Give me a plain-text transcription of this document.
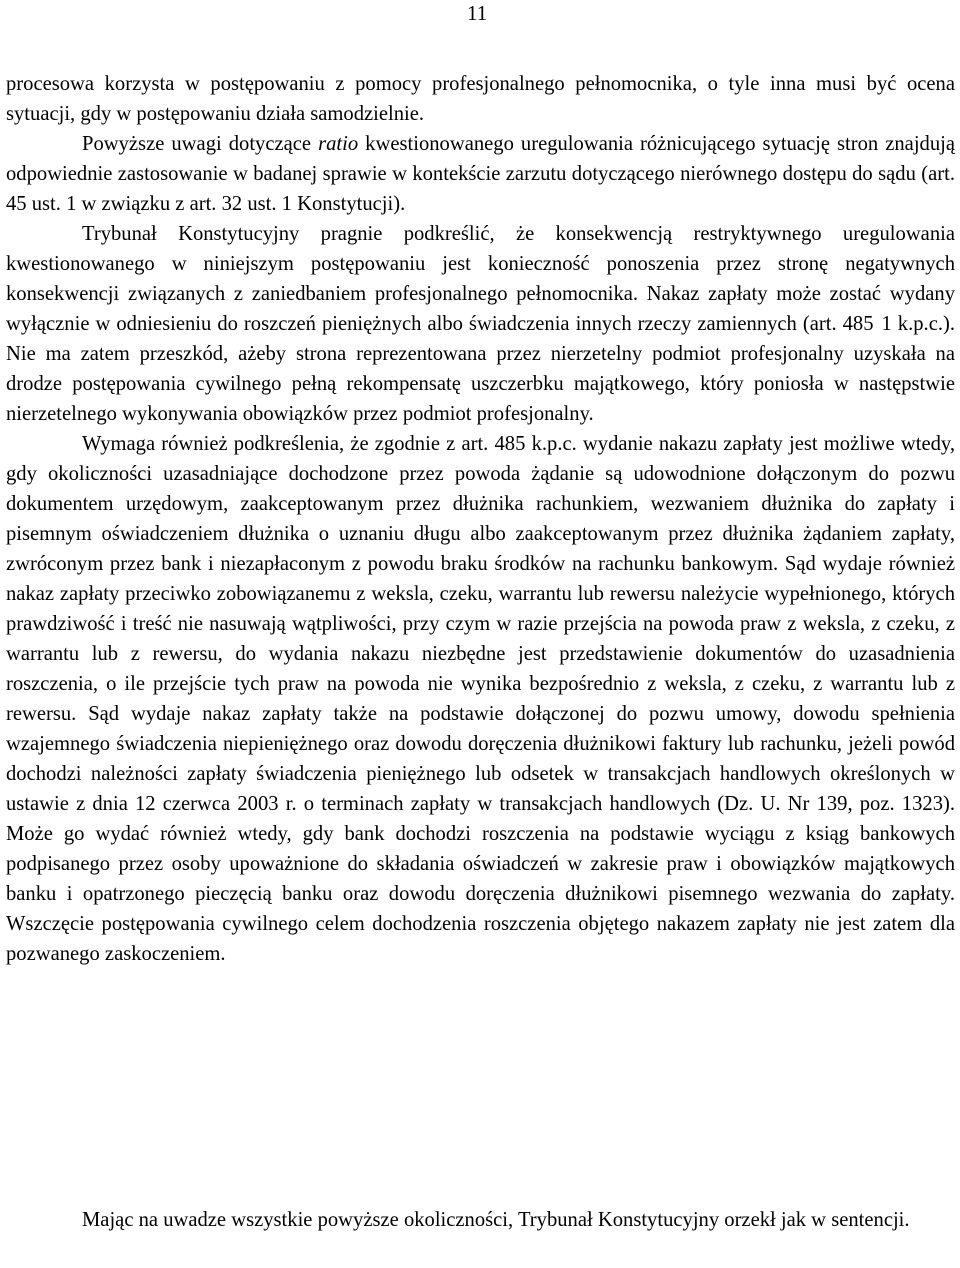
11

procesowa korzysta w postępowaniu z pomocy profesjonalnego pełnomocnika, o tyle inna musi być ocena sytuacji, gdy w postępowaniu działa samodzielnie.

Powyższe uwagi dotyczące ratio kwestionowanego uregulowania różnicującego sytuację stron znajdują odpowiednie zastosowanie w badanej sprawie w kontekście zarzutu dotyczącego nierównego dostępu do sądu (art. 45 ust. 1 w związku z art. 32 ust. 1 Konstytucji).

Trybunał Konstytucyjny pragnie podkreślić, że konsekwencją restryktywnego uregulowania kwestionowanego w niniejszym postępowaniu jest konieczność ponoszenia przez stronę negatywnych konsekwencji związanych z zaniedbaniem profesjonalnego pełnomocnika. Nakaz zapłaty może zostać wydany wyłącznie w odniesieniu do roszczeń pieniężnych albo świadczenia innych rzeczy zamiennych (art. 485 1 k.p.c.). Nie ma zatem przeszkód, ażeby strona reprezentowana przez nierzetelny podmiot profesjonalny uzyskała na drodze postępowania cywilnego pełną rekompensatę uszczerbku majątkowego, który poniosła w następstwie nierzetelnego wykonywania obowiązków przez podmiot profesjonalny.

Wymaga również podkreślenia, że zgodnie z art. 485 k.p.c. wydanie nakazu zapłaty jest możliwe wtedy, gdy okoliczności uzasadniające dochodzone przez powoda żądanie są udowodnione dołączonym do pozwu dokumentem urzędowym, zaakceptowanym przez dłużnika rachunkiem, wezwaniem dłużnika do zapłaty i pisemnym oświadczeniem dłużnika o uznaniu długu albo zaakceptowanym przez dłużnika żądaniem zapłaty, zwróconym przez bank i niezapłaconym z powodu braku środków na rachunku bankowym. Sąd wydaje również nakaz zapłaty przeciwko zobowiązanemu z weksla, czeku, warrantu lub rewersu należycie wypełnionego, których prawdziwość i treść nie nasuwają wątpliwości, przy czym w razie przejścia na powoda praw z weksla, z czeku, z warrantu lub z rewersu, do wydania nakazu niezbędne jest przedstawienie dokumentów do uzasadnienia roszczenia, o ile przejście tych praw na powoda nie wynika bezpośrednio z weksla, z czeku, z warrantu lub z rewersu. Sąd wydaje nakaz zapłaty także na podstawie dołączonej do pozwu umowy, dowodu spełnienia wzajemnego świadczenia niepieniężnego oraz dowodu doręczenia dłużnikowi faktury lub rachunku, jeżeli powód dochodzi należności zapłaty świadczenia pieniężnego lub odsetek w transakcjach handlowych określonych w ustawie z dnia 12 czerwca 2003 r. o terminach zapłaty w transakcjach handlowych (Dz. U. Nr 139, poz. 1323). Może go wydać również wtedy, gdy bank dochodzi roszczenia na podstawie wyciągu z ksiąg bankowych podpisanego przez osoby upoważnione do składania oświadczeń w zakresie praw i obowiązków majątkowych banku i opatrzonego pieczęcią banku oraz dowodu doręczenia dłużnikowi pisemnego wezwania do zapłaty. Wszczęcie postępowania cywilnego celem dochodzenia roszczenia objętego nakazem zapłaty nie jest zatem dla pozwanego zaskoczeniem.

Mając na uwadze wszystkie powyższe okoliczności, Trybunał Konstytucyjny orzekł jak w sentencji.
